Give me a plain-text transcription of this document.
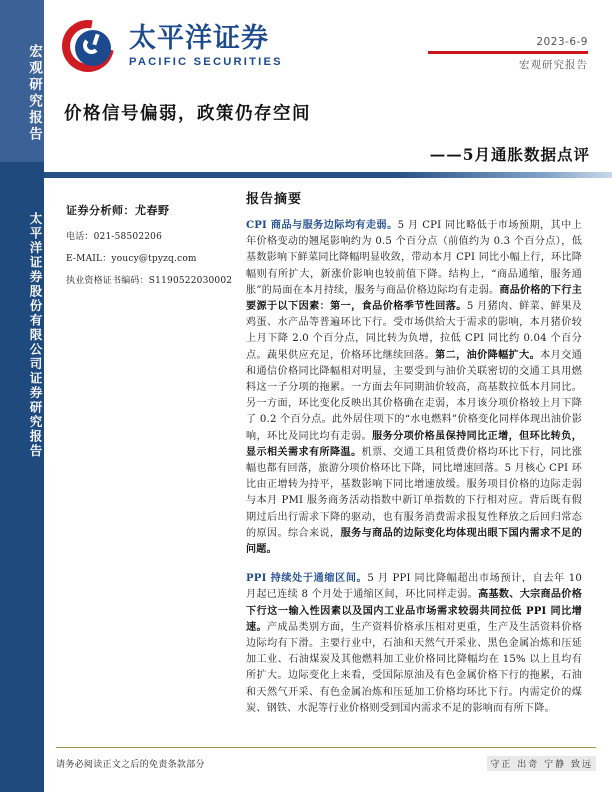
宏观研究报告
太平洋证券股份有限公司证券研究报告
太平洋证券
PACIFIC SECURITIES
2023-6-9
宏观研究报告
价格信号偏弱，政策仍存空间
——5月通胀数据点评
证券分析师：尤春野
电话：021-58502206
E-MAIL：youcy@tpyzq.com
执业资格证书编码：S1190522030002
报告摘要
CPI 商品与服务边际均有走弱。5 月 CPI 同比略低于市场预期，其中上年价格变动的翘尾影响约为 0.5 个百分点（前值约为 0.3 个百分点），低基数影响下鲜菜同比降幅明显收敛，带动本月 CPI 同比小幅上行，环比降幅则有所扩大，新涨价影响也较前值下降。结构上，“商品通缩，服务通胀”的局面在本月持续，服务与商品价格边际均有走弱。商品价格的下行主要源于以下因素：第一，食品价格季节性回落。5 月猪肉、鲜菜、鲜果及鸡蛋、水产品等普遍环比下行。受市场供给大于需求的影响，本月猪价较上月下降 2.0 个百分点，同比转为负增，拉低 CPI 同比约 0.04 个百分点。蔬果供应充足，价格环比继续回落。第二，油价降幅扩大。本月交通和通信价格同比降幅相对明显，主要受到与油价关联密切的交通工具用燃料这一子分项的拖累。一方面去年同期油价较高，高基数拉低本月同比。另一方面，环比变化反映出其价格确在走弱，本月该分项价格较上月下降了 0.2 个百分点。此外居住项下的“水电燃料”价格变化同样体现出油价影响，环比及同比均有走弱。服务分项价格虽保持同比正增，但环比转负，显示相关需求有所降温。机票、交通工具租赁费价格均环比下行，同比涨幅也都有回落，旅游分项价格环比下降，同比增速回落。5 月核心 CPI 环比由正增转为持平，基数影响下同比增速放缓。服务项目价格的边际走弱与本月 PMI 服务商务活动指数中新订单指数的下行相对应。背后既有假期过后出行需求下降的驱动，也有服务消费需求报复性释放之后回归常态的原因。综合来说，服务与商品的边际变化均体现出眼下国内需求不足的问题。
PPI 持续处于通缩区间。5 月 PPI 同比降幅超出市场预计，自去年 10 月起已连续 8 个月处于通缩区间，环比同样走弱。高基数、大宗商品价格下行这一输入性因素以及国内工业品市场需求较弱共同拉低 PPI 同比增速。产成品类别方面，生产资料价格承压相对更重，生产及生活资料价格边际均有下滑。主要行业中，石油和天然气开采业、黑色金属冶炼和压延加工业、石油煤炭及其他燃料加工业价格同比降幅均在 15% 以上且均有所扩大。边际变化上来看，受国际原油及有色金属价格下行的拖累，石油和天然气开采、有色金属冶炼和压延加工价格均环比下行。内需定价的煤炭、钢铁、水泥等行业价格则受到国内需求不足的影响而有所下降。
请务必阅读正文之后的免责条款部分	守正 出奇 宁静 致远
